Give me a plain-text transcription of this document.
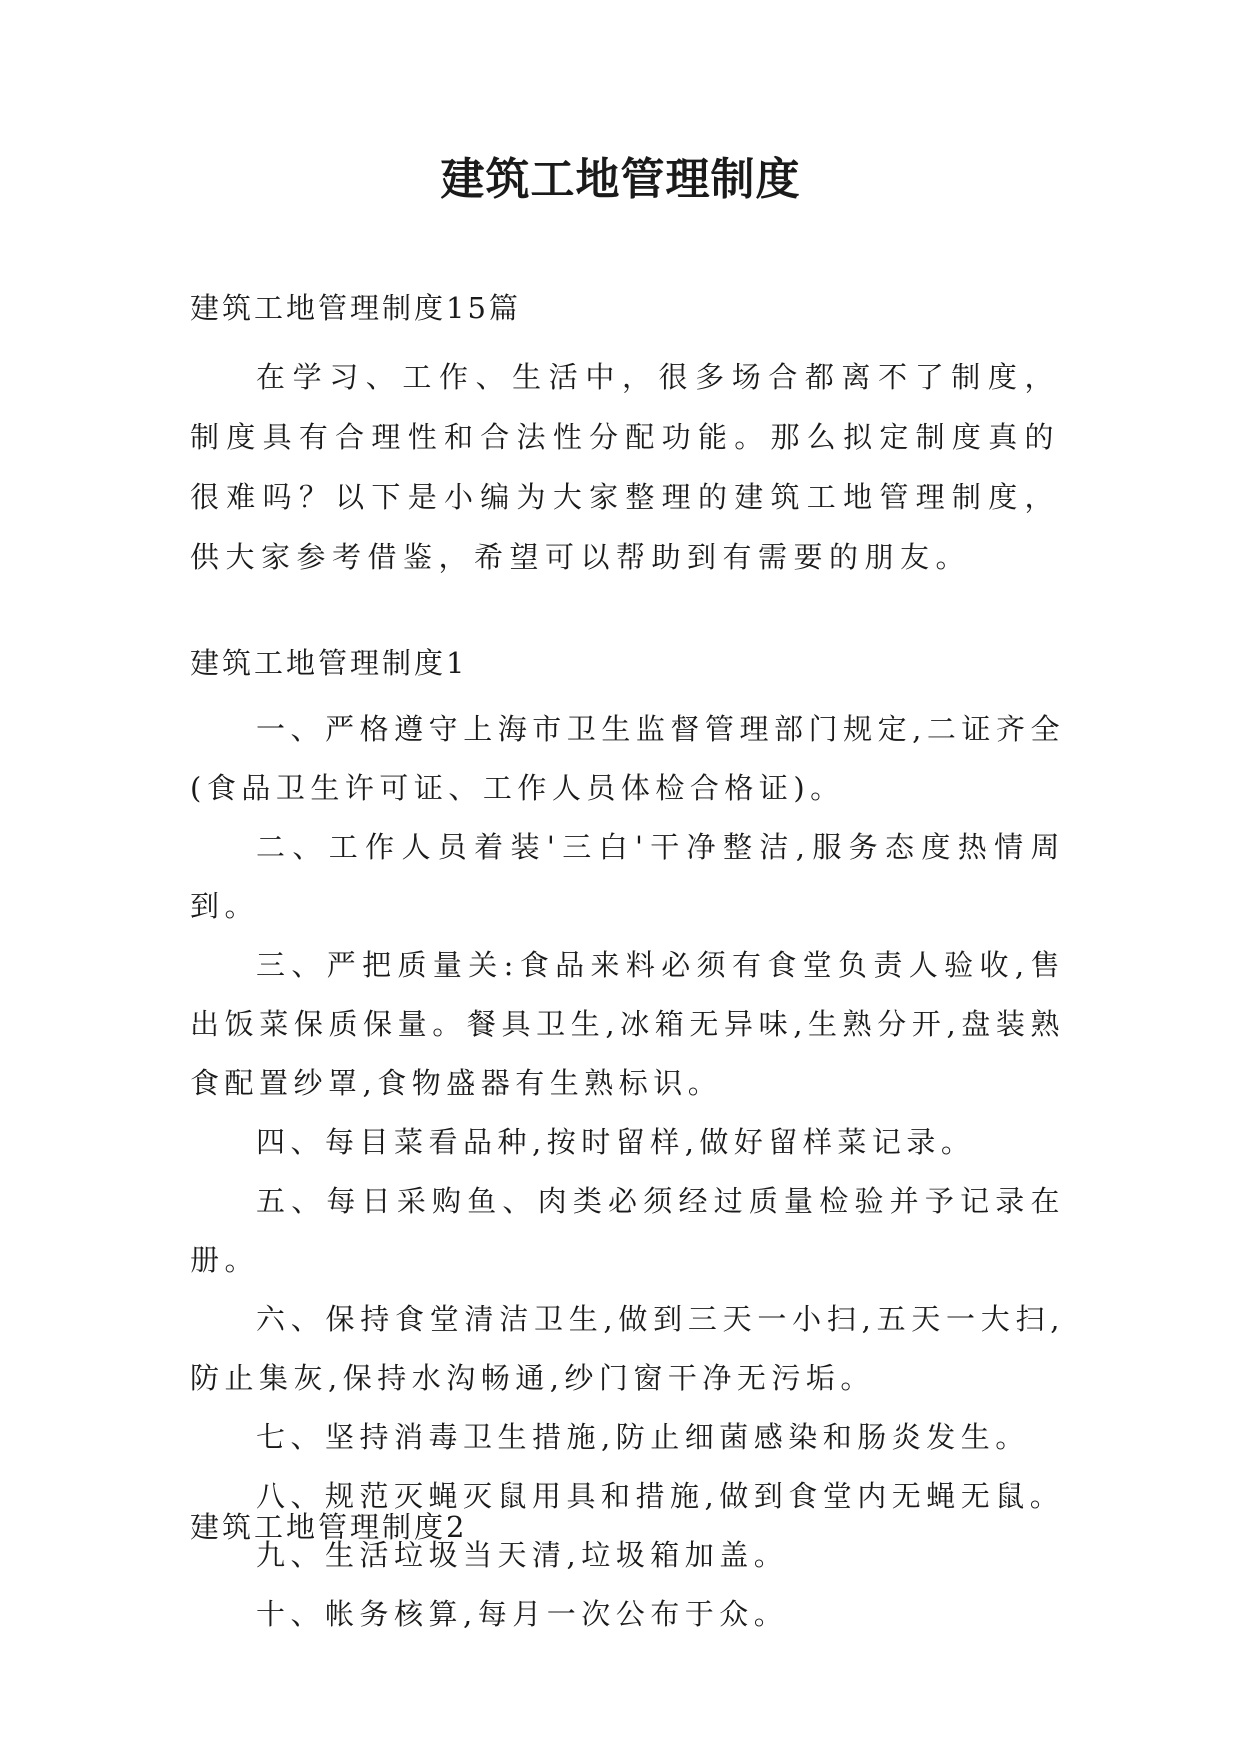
建筑工地管理制度

建筑工地管理制度15篇

在学习、工作、生活中，很多场合都离不了制度，制度具有合理性和合法性分配功能。那么拟定制度真的很难吗？以下是小编为大家整理的建筑工地管理制度，供大家参考借鉴，希望可以帮助到有需要的朋友。

建筑工地管理制度1

一、严格遵守上海市卫生监督管理部门规定,二证齐全(食品卫生许可证、工作人员体检合格证)。
二、工作人员着装'三白'干净整洁,服务态度热情周到。
三、严把质量关:食品来料必须有食堂负责人验收,售出饭菜保质保量。餐具卫生,冰箱无异味,生熟分开,盘装熟食配置纱罩,食物盛器有生熟标识。
四、每目菜看品种,按时留样,做好留样菜记录。
五、每日采购鱼、肉类必须经过质量检验并予记录在册。
六、保持食堂清洁卫生,做到三天一小扫,五天一大扫,防止集灰,保持水沟畅通,纱门窗干净无污垢。
七、坚持消毒卫生措施,防止细菌感染和肠炎发生。
八、规范灭蝇灭鼠用具和措施,做到食堂内无蝇无鼠。
九、生活垃圾当天清,垃圾箱加盖。
十、帐务核算,每月一次公布于众。

建筑工地管理制度2
